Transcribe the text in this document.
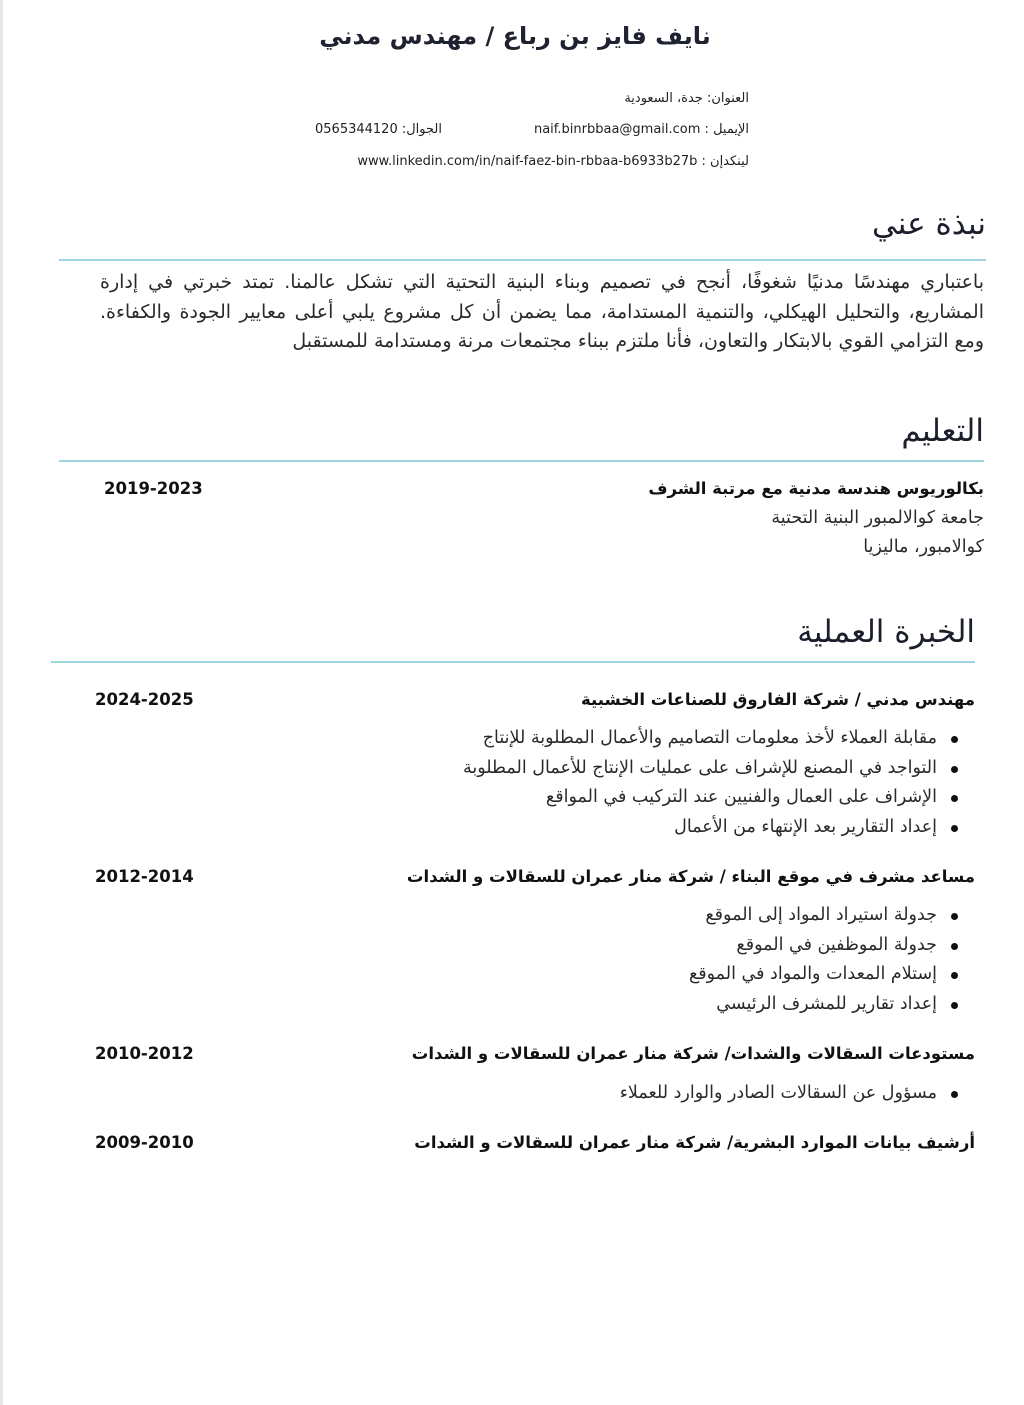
نايف فايز بن رباع / مهندس مدني
العنوان: جدة، السعودية
الإيميل : naif.binrbbaa@gmail.com
الجوال: 0565344120
لينكدإن : www.linkedin.com/in/naif-faez-bin-rbbaa-b6933b27b
نبذة عني
باعتباري مهندسًا مدنيًا شغوفًا، أنجح في تصميم وبناء البنية التحتية التي تشكل عالمنا. تمتد خبرتي في إدارة المشاريع، والتحليل الهيكلي، والتنمية المستدامة، مما يضمن أن كل مشروع يلبي أعلى معايير الجودة والكفاءة. ومع التزامي القوي بالابتكار والتعاون، فأنا ملتزم ببناء مجتمعات مرنة ومستدامة للمستقبل
التعليم
بكالوريوس هندسة مدنية مع مرتبة الشرف
2019-2023
جامعة كوالالمبور البنية التحتية
كوالامبور، ماليزيا
الخبرة العملية
مهندس مدني / شركة الفاروق للصناعات الخشبية
2024-2025
مقابلة العملاء لأخذ معلومات التصاميم والأعمال المطلوبة للإنتاج
التواجد في المصنع للإشراف على عمليات الإنتاج للأعمال المطلوبة
الإشراف على العمال والفنيين عند التركيب في المواقع
إعداد التقارير بعد الإنتهاء من الأعمال
مساعد مشرف في موقع البناء / شركة منار عمران للسقالات و الشدات
2012-2014
جدولة استيراد المواد إلى الموقع
جدولة الموظفين في الموقع
إستلام المعدات والمواد في الموقع
إعداد تقارير للمشرف الرئيسي
مستودعات السقالات والشدات/ شركة منار عمران للسقالات و الشدات
2010-2012
مسؤول عن السقالات الصادر والوارد للعملاء
أرشيف بيانات الموارد البشرية/ شركة منار عمران للسقالات و الشدات
2009-2010
